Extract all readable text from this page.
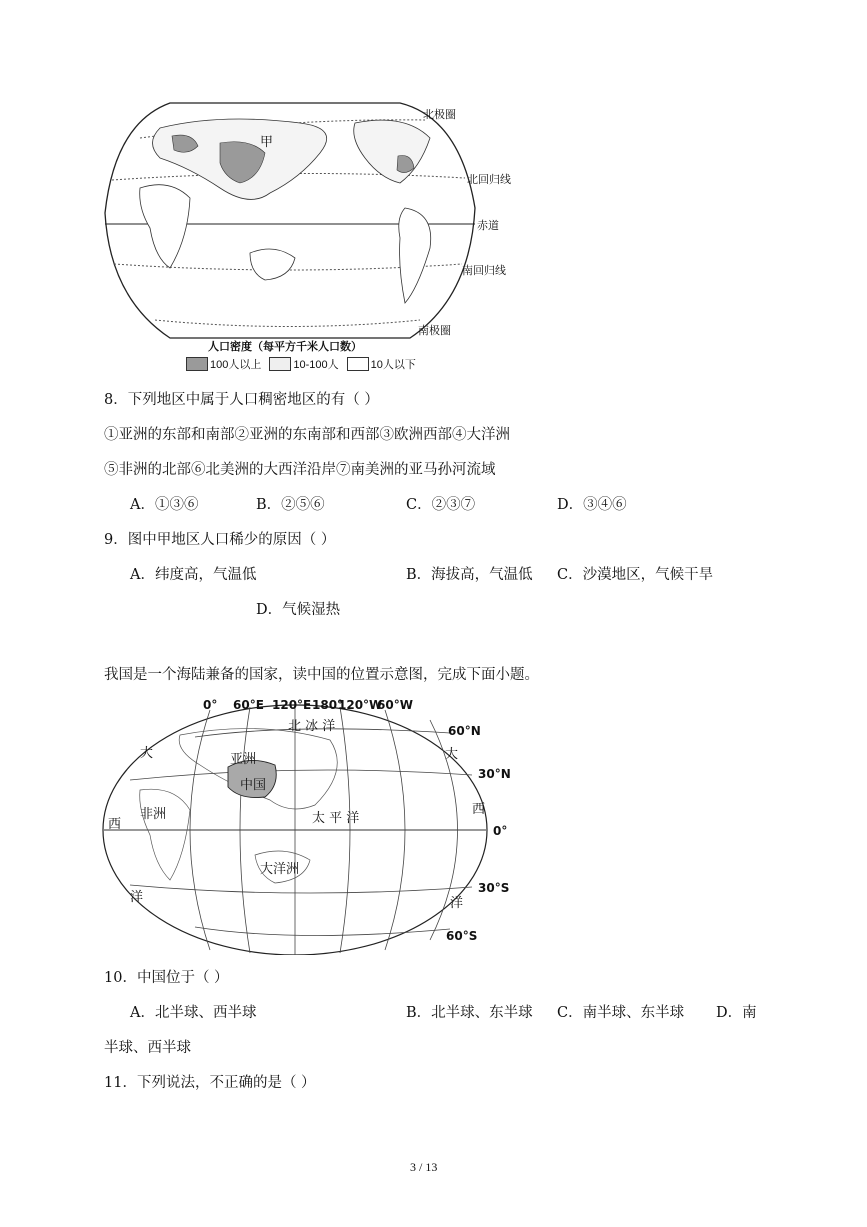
甲
北极圈
北回归线
赤道
南回归线
南极圈
人口密度（每平方千米人口数）
100人以上	10-100人	10人以下
8．下列地区中属于人口稠密地区的有（ ）
①亚洲的东部和南部②亚洲的东南部和西部③欧洲西部④大洋洲
⑤非洲的北部⑥北美洲的大西洋沿岸⑦南美洲的亚马孙河流域
A．①③⑥	B．②⑤⑥	C．②③⑦	D．③④⑥
9．图中甲地区人口稀少的原因（ ）
A．纬度高，气温低	B．海拔高，气温低 C．沙漠地区，气候干旱
D．气候湿热
我国是一个海陆兼备的国家，读中国的位置示意图，完成下面小题。
0° 60°E 120°E 180°
120°W
60°W
60°N
30°N
0°
30°S
60°S
北 冰 洋
亚洲
中国
非洲	太 平 洋
大洋洲
大
西
洋
大
西
洋
10．中国位于（ ）
A．北半球、西半球	B．北半球、东半球 C．南半球、东半球 D．南
半球、西半球
11．下列说法，不正确的是（ ）
3 / 13
